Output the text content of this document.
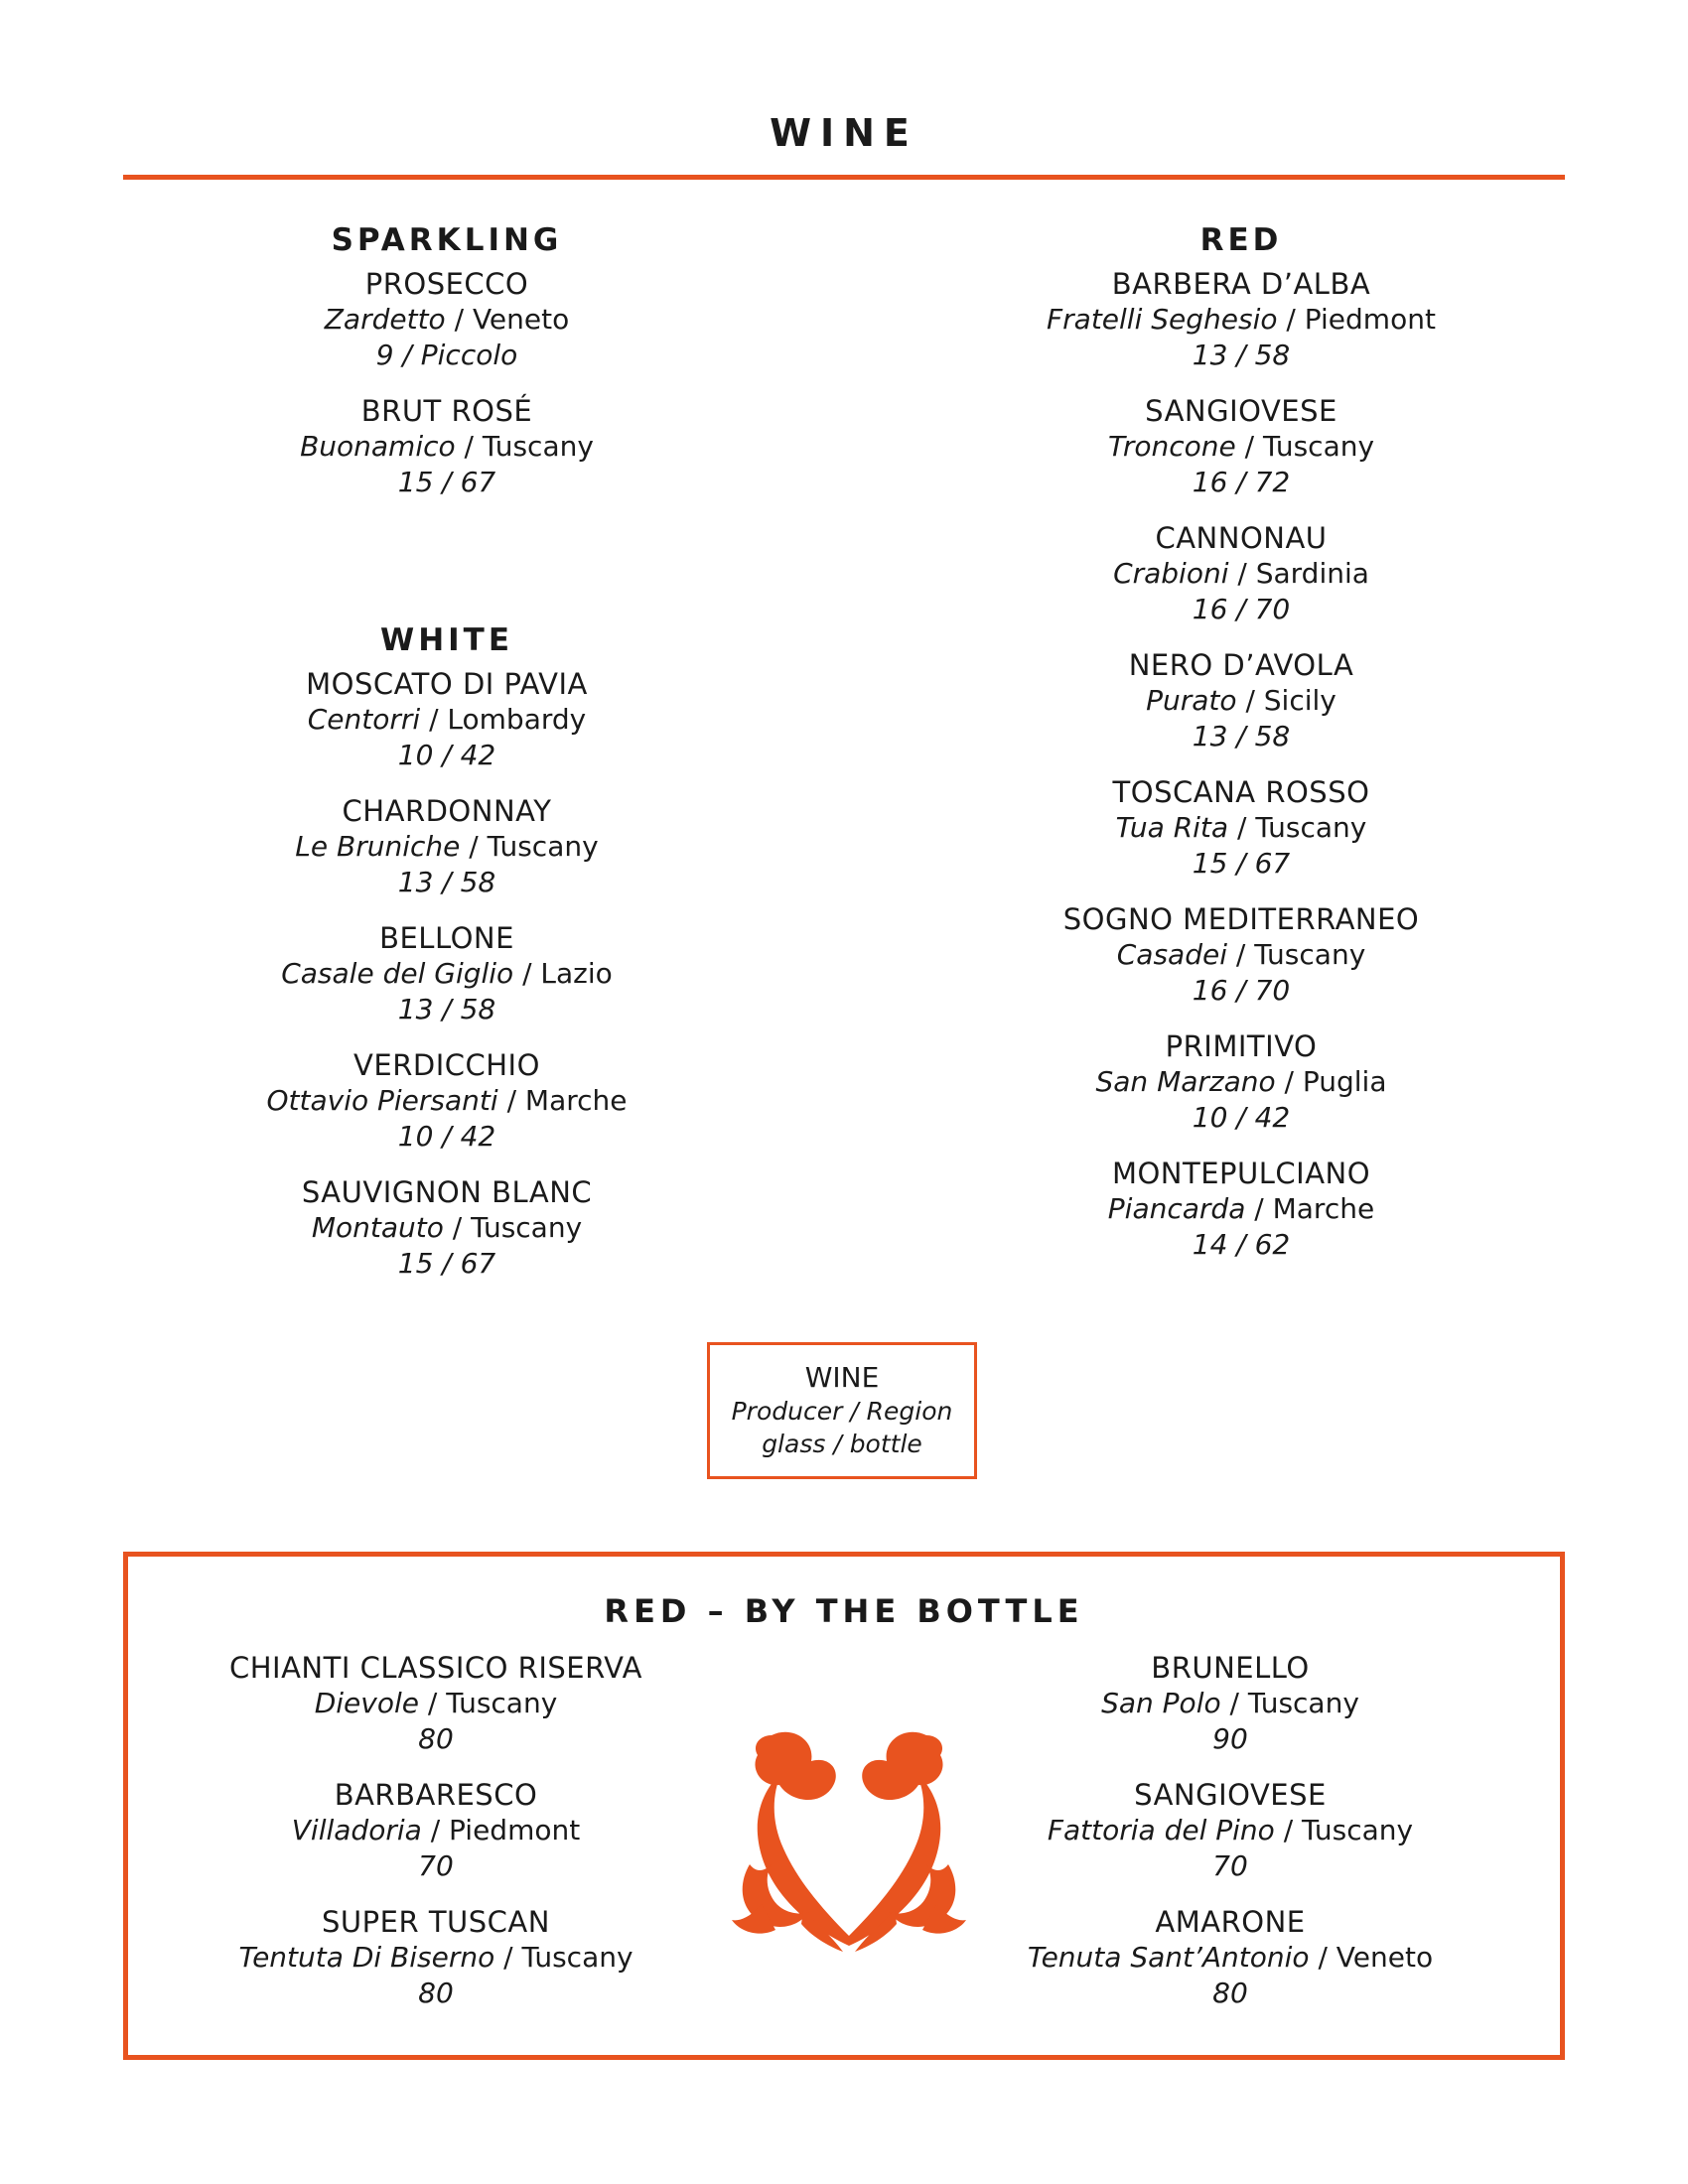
WINE
SPARKLING
PROSECCO
Zardetto / Veneto
9 / Piccolo
BRUT ROSÉ
Buonamico / Tuscany
15 / 67
WHITE
MOSCATO DI PAVIA
Centorri / Lombardy
10 / 42
CHARDONNAY
Le Bruniche / Tuscany
13 / 58
BELLONE
Casale del Giglio / Lazio
13 / 58
VERDICCHIO
Ottavio Piersanti / Marche
10 / 42
SAUVIGNON BLANC
Montauto / Tuscany
15 / 67
RED
BARBERA D’ALBA
Fratelli Seghesio / Piedmont
13 / 58
SANGIOVESE
Troncone / Tuscany
16 / 72
CANNONAU
Crabioni / Sardinia
16 / 70
NERO D’AVOLA
Purato / Sicily
13 / 58
TOSCANA ROSSO
Tua Rita / Tuscany
15 / 67
SOGNO MEDITERRANEO
Casadei / Tuscany
16 / 70
PRIMITIVO
San Marzano / Puglia
10 / 42
MONTEPULCIANO
Piancarda / Marche
14 / 62
WINE
Producer / Region
glass / bottle
RED – BY THE BOTTLE
CHIANTI CLASSICO RISERVA
Dievole / Tuscany
80
BARBARESCO
Villadoria / Piedmont
70
SUPER TUSCAN
Tentuta Di Biserno / Tuscany
80
BRUNELLO
San Polo / Tuscany
90
SANGIOVESE
Fattoria del Pino / Tuscany
70
AMARONE
Tenuta Sant’Antonio / Veneto
80
